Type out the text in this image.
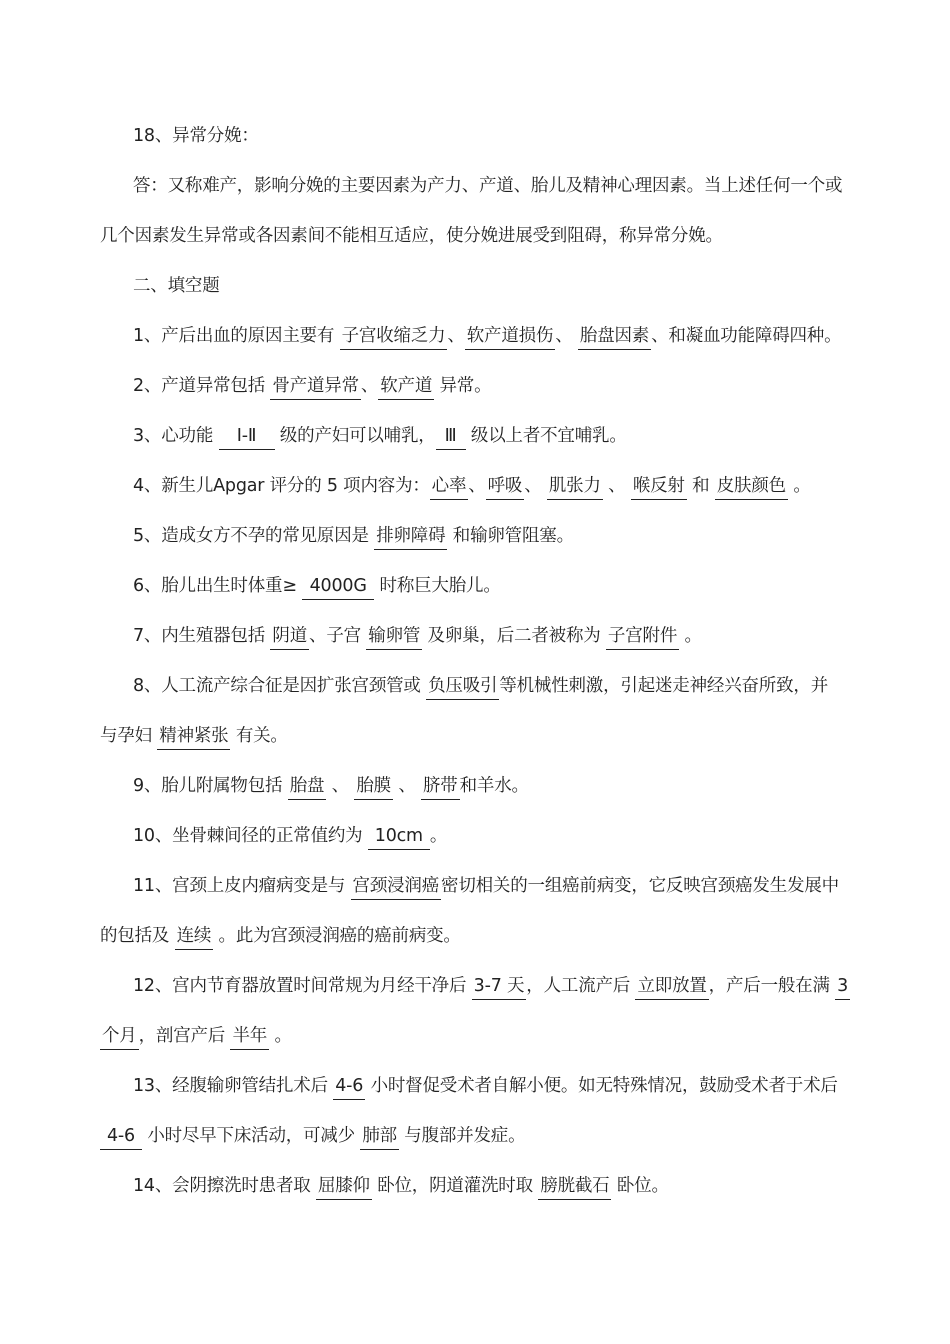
18、异常分娩：
答：又称难产，影响分娩的主要因素为产力、产道、胎儿及精神心理因素。当上述任何一个或
几个因素发生异常或各因素间不能相互适应，使分娩进展受到阻碍，称异常分娩。
二、填空题
1、产后出血的原因主要有 子宫收缩乏力 、 软产道损伤 、 胎盘因素 、和凝血功能障碍四种。
2、产道异常包括 骨产道异常 、 软产道 异常。
3、心功能 Ⅰ-Ⅱ 级的产妇可以哺乳， Ⅲ 级以上者不宜哺乳。
4、新生儿Apgar 评分的 5 项内容为： 心率 、 呼吸 、 肌张力 、 喉反射 和 皮肤颜色 。
5、造成女方不孕的常见原因是 排卵障碍 和输卵管阻塞。
6、胎儿出生时体重≥ 4000G 时称巨大胎儿。
7、内生殖器包括 阴道 、子宫 输卵管 及卵巢，后二者被称为 子宫附件 。
8、人工流产综合征是因扩张宫颈管或 负压吸引 等机械性刺激，引起迷走神经兴奋所致，并
与孕妇 精神紧张 有关。
9、胎儿附属物包括 胎盘 、 胎膜 、 脐带 和羊水。
10、坐骨棘间径的正常值约为 10cm 。
11、宫颈上皮内瘤病变是与 宫颈浸润癌 密切相关的一组癌前病变，它反映宫颈癌发生发展中
的包括及 连续 。此为宫颈浸润癌的癌前病变。
12、宫内节育器放置时间常规为月经干净后 3-7 天 ，人工流产后 立即放置 ，产后一般在满 3
个月 ，剖宫产后 半年 。
13、经腹输卵管结扎术后 4-6 小时督促受术者自解小便。如无特殊情况，鼓励受术者于术后
4-6 小时尽早下床活动，可减少 肺部 与腹部并发症。
14、会阴擦洗时患者取 屈膝仰 卧位，阴道灌洗时取 膀胱截石 卧位。
